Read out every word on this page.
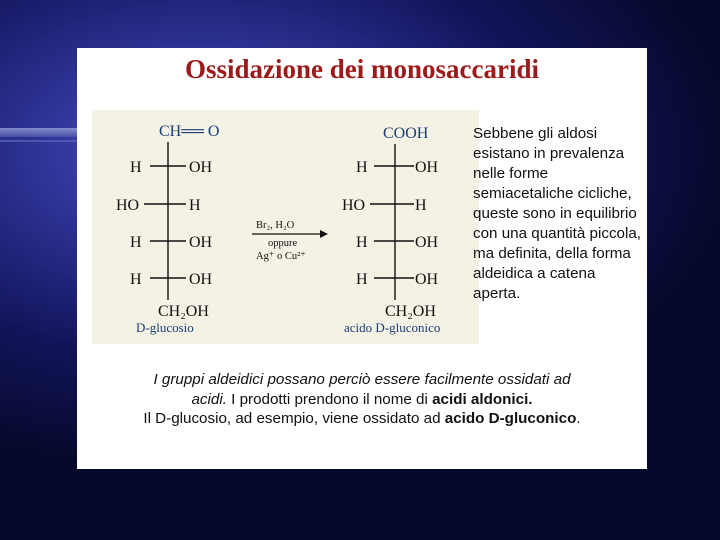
Ossidazione dei monosaccaridi
CH══ O
H	OH
HO	H
H	OH
H	OH
CH₂OH
D-glucosio
Br₂, H₂O
oppure
Ag⁺ o Cu²⁺
COOH
H	OH
HO	H
H	OH
H	OH
CH₂OH
acido D-gluconico
Sebbene gli aldosi esistano in prevalenza nelle forme semiacetaliche cicliche, queste sono in equilibrio con una quantità piccola, ma definita, della forma aldeidica a catena aperta.
I gruppi aldeidici possano perciò essere facilmente ossidati ad
acidi. I prodotti prendono il nome di acidi aldonici.
Il D-glucosio, ad esempio, viene ossidato ad acido D-gluconico.
